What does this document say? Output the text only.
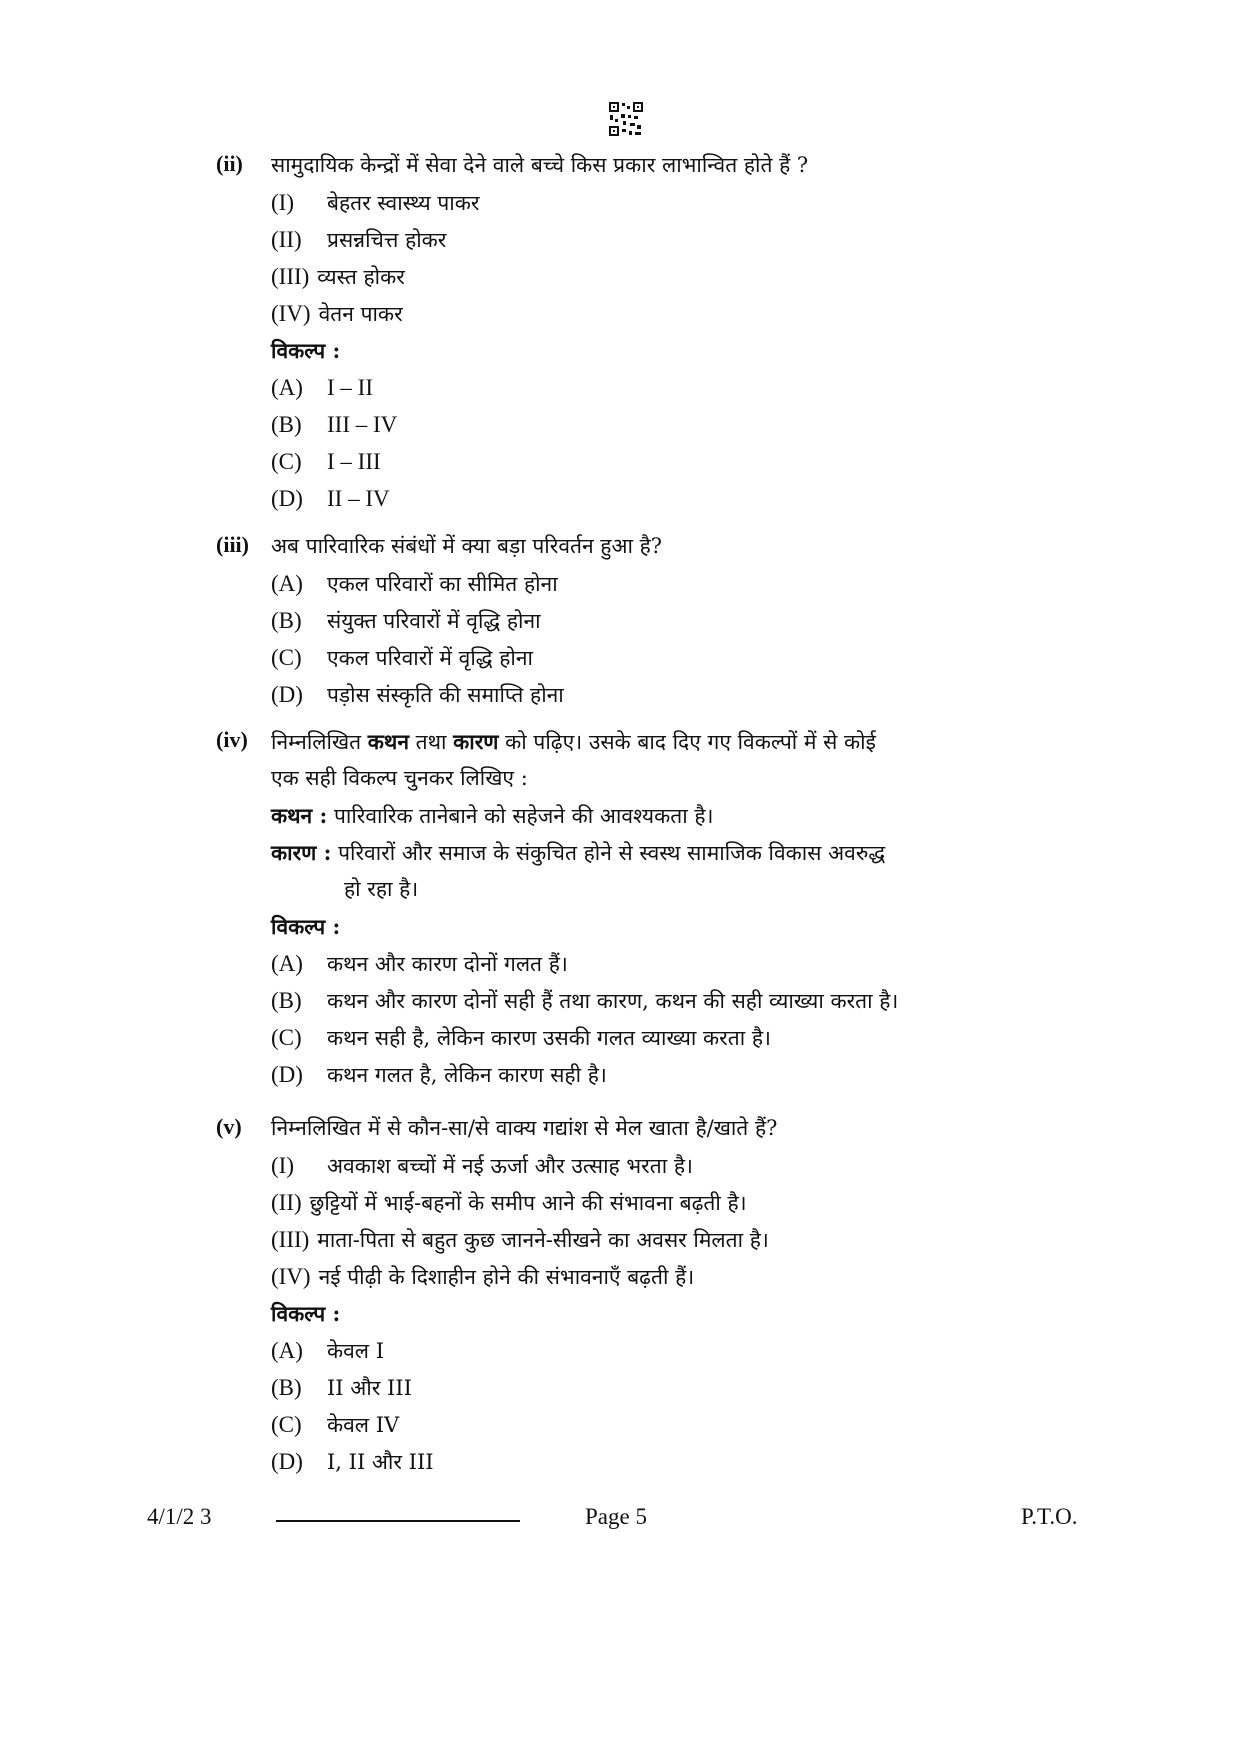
(ii)	सामुदायिक केन्द्रों में सेवा देने वाले बच्चे किस प्रकार लाभान्वित होते हैं ?
(I) बेहतर स्वास्थ्य पाकर
(II) प्रसन्नचित्त होकर
(III) व्यस्त होकर
(IV) वेतन पाकर
विकल्प :
(A) I – II
(B) III – IV
(C) I – III
(D) II – IV
(iii)	अब पारिवारिक संबंधों में क्या बड़ा परिवर्तन हुआ है?
(A) एकल परिवारों का सीमित होना
(B) संयुक्त परिवारों में वृद्धि होना
(C) एकल परिवारों में वृद्धि होना
(D) पड़ोस संस्कृति की समाप्ति होना
(iv)	निम्नलिखित कथन तथा कारण को पढ़िए। उसके बाद दिए गए विकल्पों में से कोई
एक सही विकल्प चुनकर लिखिए :
कथन : पारिवारिक तानेबाने को सहेजने की आवश्यकता है।
कारण : परिवारों और समाज के संकुचित होने से स्वस्थ सामाजिक विकास अवरुद्ध
हो रहा है।
विकल्प :
(A) कथन और कारण दोनों गलत हैं।
(B) कथन और कारण दोनों सही हैं तथा कारण, कथन की सही व्याख्या करता है।
(C) कथन सही है, लेकिन कारण उसकी गलत व्याख्या करता है।
(D) कथन गलत है, लेकिन कारण सही है।
(v)	निम्नलिखित में से कौन-सा/से वाक्य गद्यांश से मेल खाता है/खाते हैं?
(I) अवकाश बच्चों में नई ऊर्जा और उत्साह भरता है।
(II) छुट्टियों में भाई-बहनों के समीप आने की संभावना बढ़ती है।
(III) माता-पिता से बहुत कुछ जानने-सीखने का अवसर मिलता है।
(IV) नई पीढ़ी के दिशाहीन होने की संभावनाएँ बढ़ती हैं।
विकल्प :
(A) केवल I
(B) II और III
(C) केवल IV
(D) I, II और III
4/1/2 3	Page 5	P.T.O.
